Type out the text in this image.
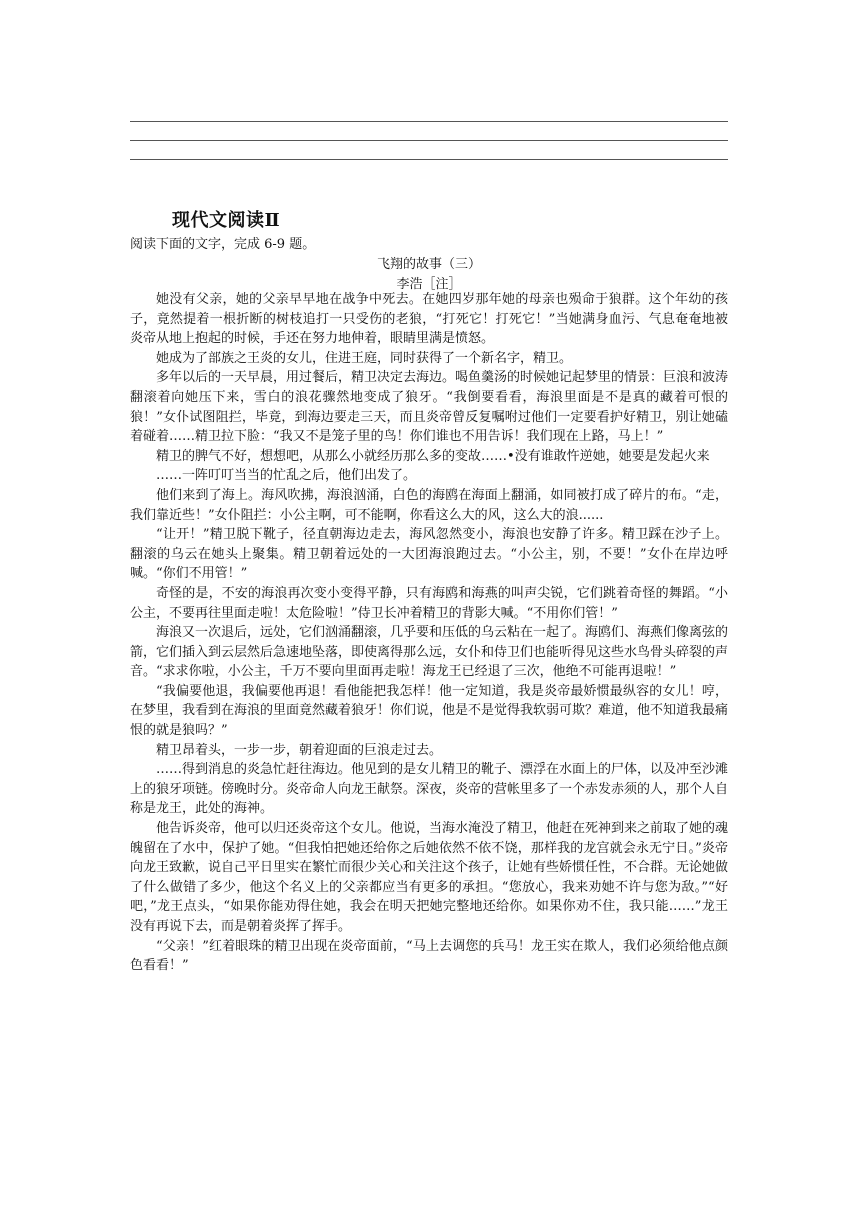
现代文阅读Ⅱ
阅读下面的文字，完成 6-9 题。
飞翔的故事（三）
李浩［注］

她没有父亲，她的父亲早早地在战争中死去。在她四岁那年她的母亲也殒命于狼群。这个年幼的孩子，竟然提着一根折断的树枝追打一只受伤的老狼，“打死它！打死它！”当她满身血污、气息奄奄地被炎帝从地上抱起的时候，手还在努力地伸着，眼睛里满是愤怒。

她成为了部族之王炎的女儿，住进王庭，同时获得了一个新名字，精卫。

多年以后的一天早晨，用过餐后，精卫决定去海边。喝鱼羹汤的时候她记起梦里的情景：巨浪和波涛翻滚着向她压下来，雪白的浪花骤然地变成了狼牙。“我倒要看看，海浪里面是不是真的藏着可恨的狼！”女仆试图阻拦，毕竟，到海边要走三天，而且炎帝曾反复嘱咐过他们一定要看护好精卫，别让她磕着碰着……精卫拉下脸：“我又不是笼子里的鸟！你们谁也不用告诉！我们现在上路，马上！”

精卫的脾气不好，想想吧，从那么小就经历那么多的变故……•没有谁敢忤逆她，她要是发起火来

……一阵叮叮当当的忙乱之后，他们出发了。

他们来到了海上。海风吹拂，海浪汹涌，白色的海鸥在海面上翻涌，如同被打成了碎片的布。“走，我们靠近些！”女仆阻拦：小公主啊，可不能啊，你看这么大的风，这么大的浪......

“让开！”精卫脱下靴子，径直朝海边走去，海风忽然变小，海浪也安静了许多。精卫踩在沙子上。翻滚的乌云在她头上聚集。精卫朝着远处的一大团海浪跑过去。“小公主，别，不要！”女仆在岸边呼喊。“你们不用管！”

奇怪的是，不安的海浪再次变小变得平静，只有海鸥和海燕的叫声尖锐，它们跳着奇怪的舞蹈。“小公主，不要再往里面走啦！太危险啦！”侍卫长冲着精卫的背影大喊。“不用你们管！”

海浪又一次退后，远处，它们汹涌翻滚，几乎要和压低的乌云粘在一起了。海鸥们、海燕们像离弦的箭，它们插入到云层然后急速地坠落，即使离得那么远，女仆和侍卫们也能听得见这些水鸟骨头碎裂的声音。“求求你啦，小公主，千万不要向里面再走啦！海龙王已经退了三次，他绝不可能再退啦！”

“我偏要他退，我偏要他再退！看他能把我怎样！他一定知道，我是炎帝最娇惯最纵容的女儿！哼，在梦里，我看到在海浪的里面竟然藏着狼牙！你们说，他是不是觉得我软弱可欺？难道，他不知道我最痛恨的就是狼吗？”

精卫昂着头，一步一步，朝着迎面的巨浪走过去。

……得到消息的炎急忙赶往海边。他见到的是女儿精卫的靴子、漂浮在水面上的尸体，以及冲至沙滩上的狼牙项链。傍晚时分。炎帝命人向龙王献祭。深夜，炎帝的营帐里多了一个赤发赤须的人，那个人自称是龙王，此处的海神。

他告诉炎帝，他可以归还炎帝这个女儿。他说，当海水淹没了精卫，他赶在死神到来之前取了她的魂魄留在了水中，保护了她。“但我怕把她还给你之后她依然不依不饶，那样我的龙宫就会永无宁日。”炎帝向龙王致歉，说自己平日里实在繁忙而很少关心和关注这个孩子，让她有些娇惯任性，不合群。无论她做了什么做错了多少，他这个名义上的父亲都应当有更多的承担。“您放心，我来劝她不许与您为敌。”“好吧，”龙王点头，“如果你能劝得住她，我会在明天把她完整地还给你。如果你劝不住，我只能……”龙王没有再说下去，而是朝着炎挥了挥手。

“父亲！”红着眼珠的精卫出现在炎帝面前，“马上去调您的兵马！龙王实在欺人，我们必须给他点颜色看看！”
